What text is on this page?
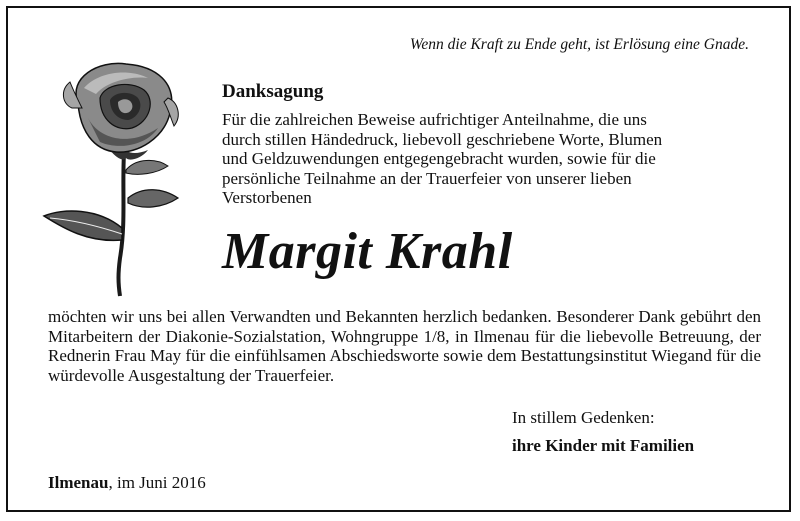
Wenn die Kraft zu Ende geht, ist Erlösung eine Gnade.
Danksagung
Für die zahlreichen Beweise aufrichtiger Anteilnahme, die uns
durch stillen Händedruck, liebevoll geschriebene Worte, Blumen
und Geldzuwendungen entgegengebracht wurden, sowie für die
persönliche Teilnahme an der Trauerfeier von unserer lieben
Verstorbenen
Margit Krahl
möchten wir uns bei allen Verwandten und Bekannten herzlich bedanken. Besonderer Dank gebührt den Mitarbeitern der Diakonie-Sozialstation, Wohngruppe 1/8, in Ilmenau für die liebevolle Betreuung, der Rednerin Frau May für die einfühlsamen Abschiedsworte sowie dem Bestattungsinstitut Wiegand für die würdevolle Ausgestaltung der Trauerfeier.
In stillem Gedenken:
ihre Kinder mit Familien
Ilmenau, im Juni 2016
